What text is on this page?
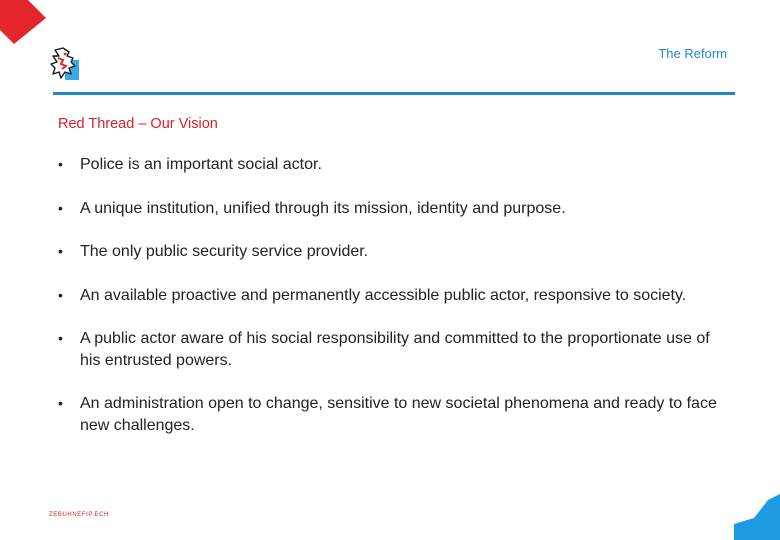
The Reform
Red Thread – Our Vision
• Police is an important social actor.
• A unique institution, unified through its mission, identity and purpose.
• The only public security service provider.
• An available proactive and permanently accessible public actor, responsive to society.
• A public actor aware of his social responsibility and committed to the proportionate use of his entrusted powers.
• An administration open to change, sensitive to new societal phenomena and ready to face new challenges.
ZEBUHNEFIP.ECH
